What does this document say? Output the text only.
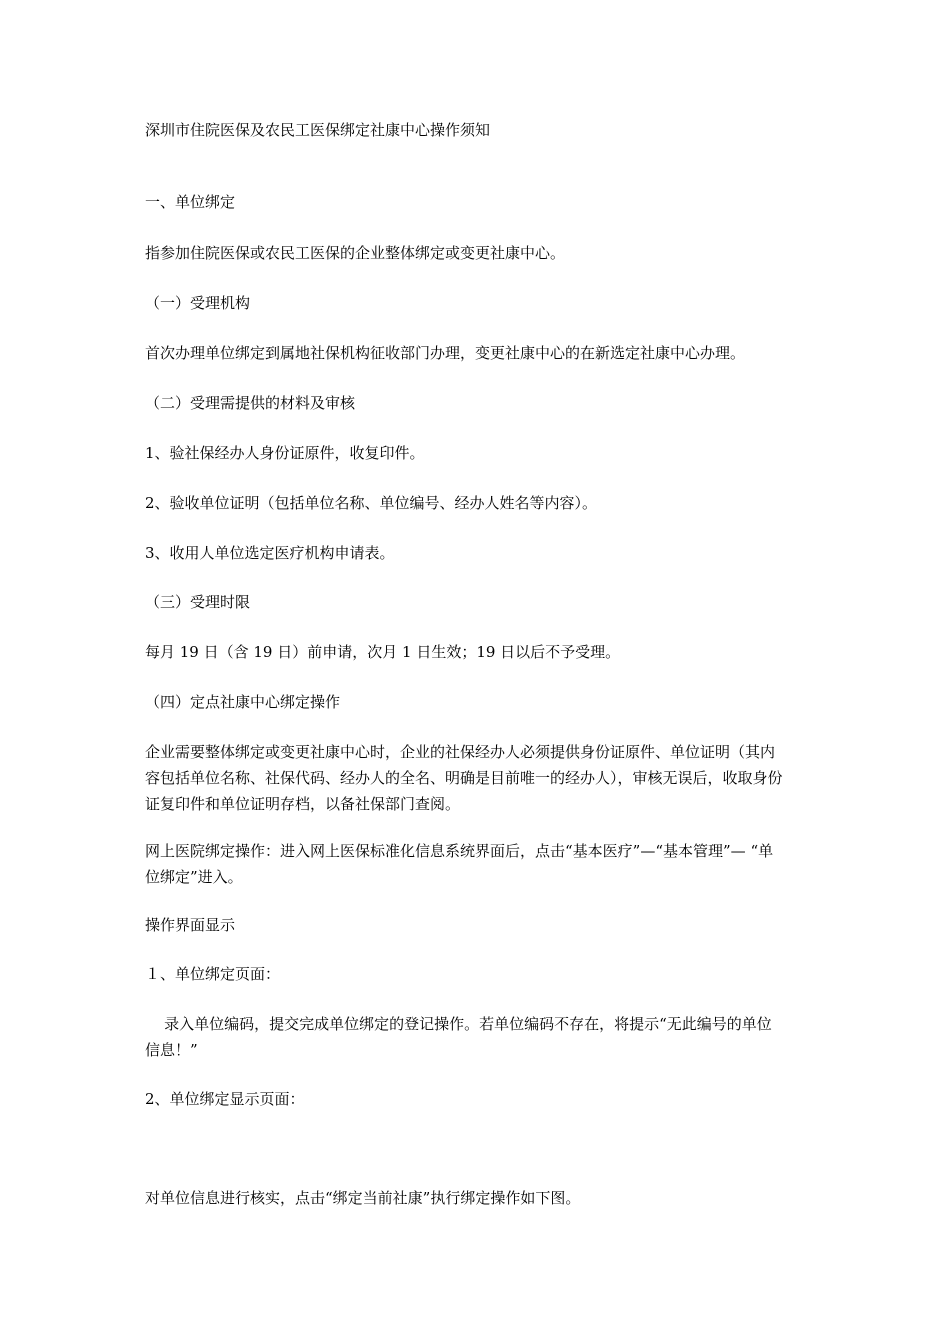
深圳市住院医保及农民工医保绑定社康中心操作须知

一、单位绑定

指参加住院医保或农民工医保的企业整体绑定或变更社康中心。

（一）受理机构

首次办理单位绑定到属地社保机构征收部门办理，变更社康中心的在新选定社康中心办理。

（二）受理需提供的材料及审核

1、验社保经办人身份证原件，收复印件。

2、验收单位证明（包括单位名称、单位编号、经办人姓名等内容）。

3、收用人单位选定医疗机构申请表。

（三）受理时限

每月 19 日（含 19 日）前申请，次月 1 日生效；19 日以后不予受理。

（四）定点社康中心绑定操作

企业需要整体绑定或变更社康中心时，企业的社保经办人必须提供身份证原件、单位证明（其内
容包括单位名称、社保代码、经办人的全名、明确是目前唯一的经办人），审核无误后，收取身份
证复印件和单位证明存档，以备社保部门查阅。
网上医院绑定操作：进入网上医保标准化信息系统界面后，点击“基本医疗”—“基本管理”— “单
位绑定”进入。

操作界面显示

１、单位绑定页面：

录入单位编码，提交完成单位绑定的登记操作。若单位编码不存在，将提示“无此编号的单位
信息！”

2、单位绑定显示页面：

对单位信息进行核实，点击“绑定当前社康”执行绑定操作如下图。
